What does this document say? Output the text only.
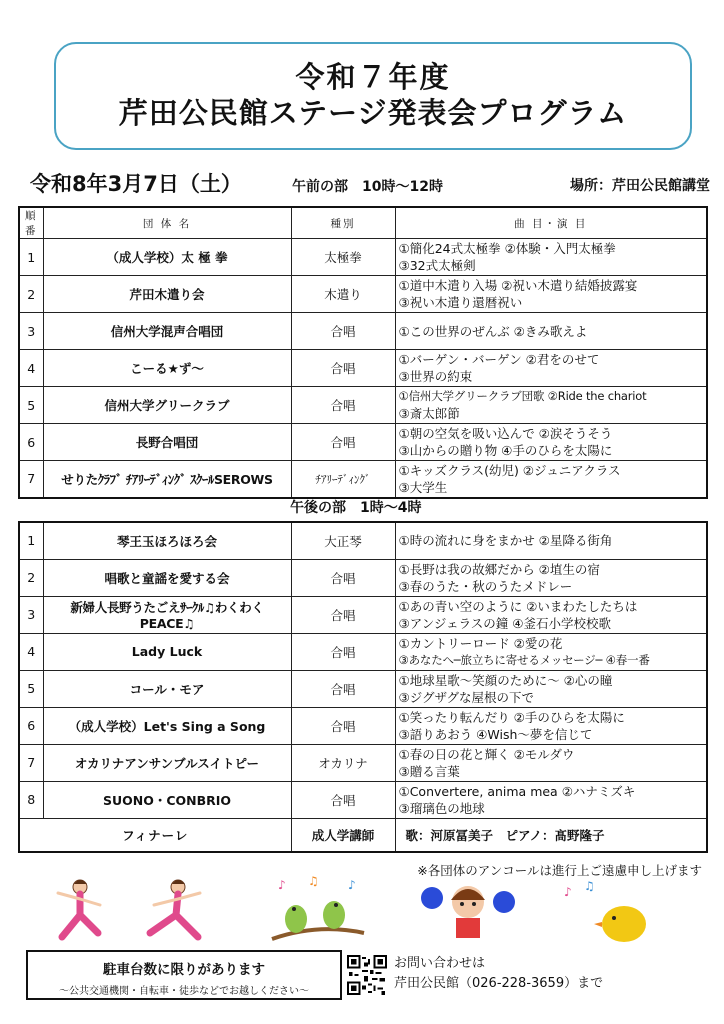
令和７年度
芹田公民館ステージ発表会プログラム
令和8年3月7日（土）	午前の部　10時～12時	場所：芹田公民館講堂
順番	団 体 名	種別	曲 目・演 目
1	（成人学校）太 極 拳	太極拳	①簡化24式太極拳 ②体験・入門太極拳
③32式太極剣

2	芹田木遣り会	木遣り	①道中木遣り入場 ②祝い木遣り結婚披露宴
③祝い木遣り還暦祝い

3	信州大学混声合唱団	合唱	①この世界のぜんぶ ②きみ歌えよ

4	こーる★ず～	合唱	①バーゲン・バーゲン ②君をのせて
③世界の約束

5	信州大学グリークラブ	合唱	①信州大学グリークラブ団歌 ②Ride the chariot
③斎太郎節

6	長野合唱団	合唱	①朝の空気を吸い込んで ②涙そうそう
③山からの贈り物 ④手のひらを太陽に

7	せりたｸﾗﾌﾞ ﾁｱﾘｰﾃﾞｨﾝｸﾞ ｽｸｰﾙSEROWS	ﾁｱﾘｰﾃﾞｨﾝｸﾞ	①キッズクラス(幼児) ②ジュニアクラス
③大学生
午後の部　1時～4時
1	琴王玉ほろほろ会	大正琴	①時の流れに身をまかせ ②星降る街角

2	唱歌と童謡を愛する会	合唱	①長野は我の故郷だから ②埴生の宿
③春のうた・秋のうたメドレー

3	新婦人長野うたごえｻｰｸﾙ♫わくわくPEACE♫	合唱	①あの青い空のように ②いまわたしたちは
③アンジェラスの鐘 ④釜石小学校校歌

4	Lady Luck	合唱	①カントリーロード ②愛の花
③あなたへ─旅立ちに寄せるメッセージ─ ④春一番

5	コール・モア	合唱	①地球星歌～笑顔のために～ ②心の瞳
③ジグザグな屋根の下で

6	（成人学校）Let's Sing a Song	合唱	①笑ったり転んだり ②手のひらを太陽に
③語りあおう ④Wish～夢を信じて

7	オカリナアンサンブルスイトピー	オカリナ	①春の日の花と輝く ②モルダウ
③贈る言葉

8	SUONO・CONBRIO	合唱	①Convertere, anima mea ②ハナミズキ
③瑠璃色の地球

フィナーレ		成人学講師	歌：河原冨美子　ピアノ：髙野隆子
※各団体のアンコールは進行上ご遠慮申し上げます
♪ ♫ ♪	♪ ♫
駐車台数に限りがあります
～公共交通機関・自転車・徒歩などでお越しください～
お問い合わせは
芹田公民館（026-228-3659）まで
